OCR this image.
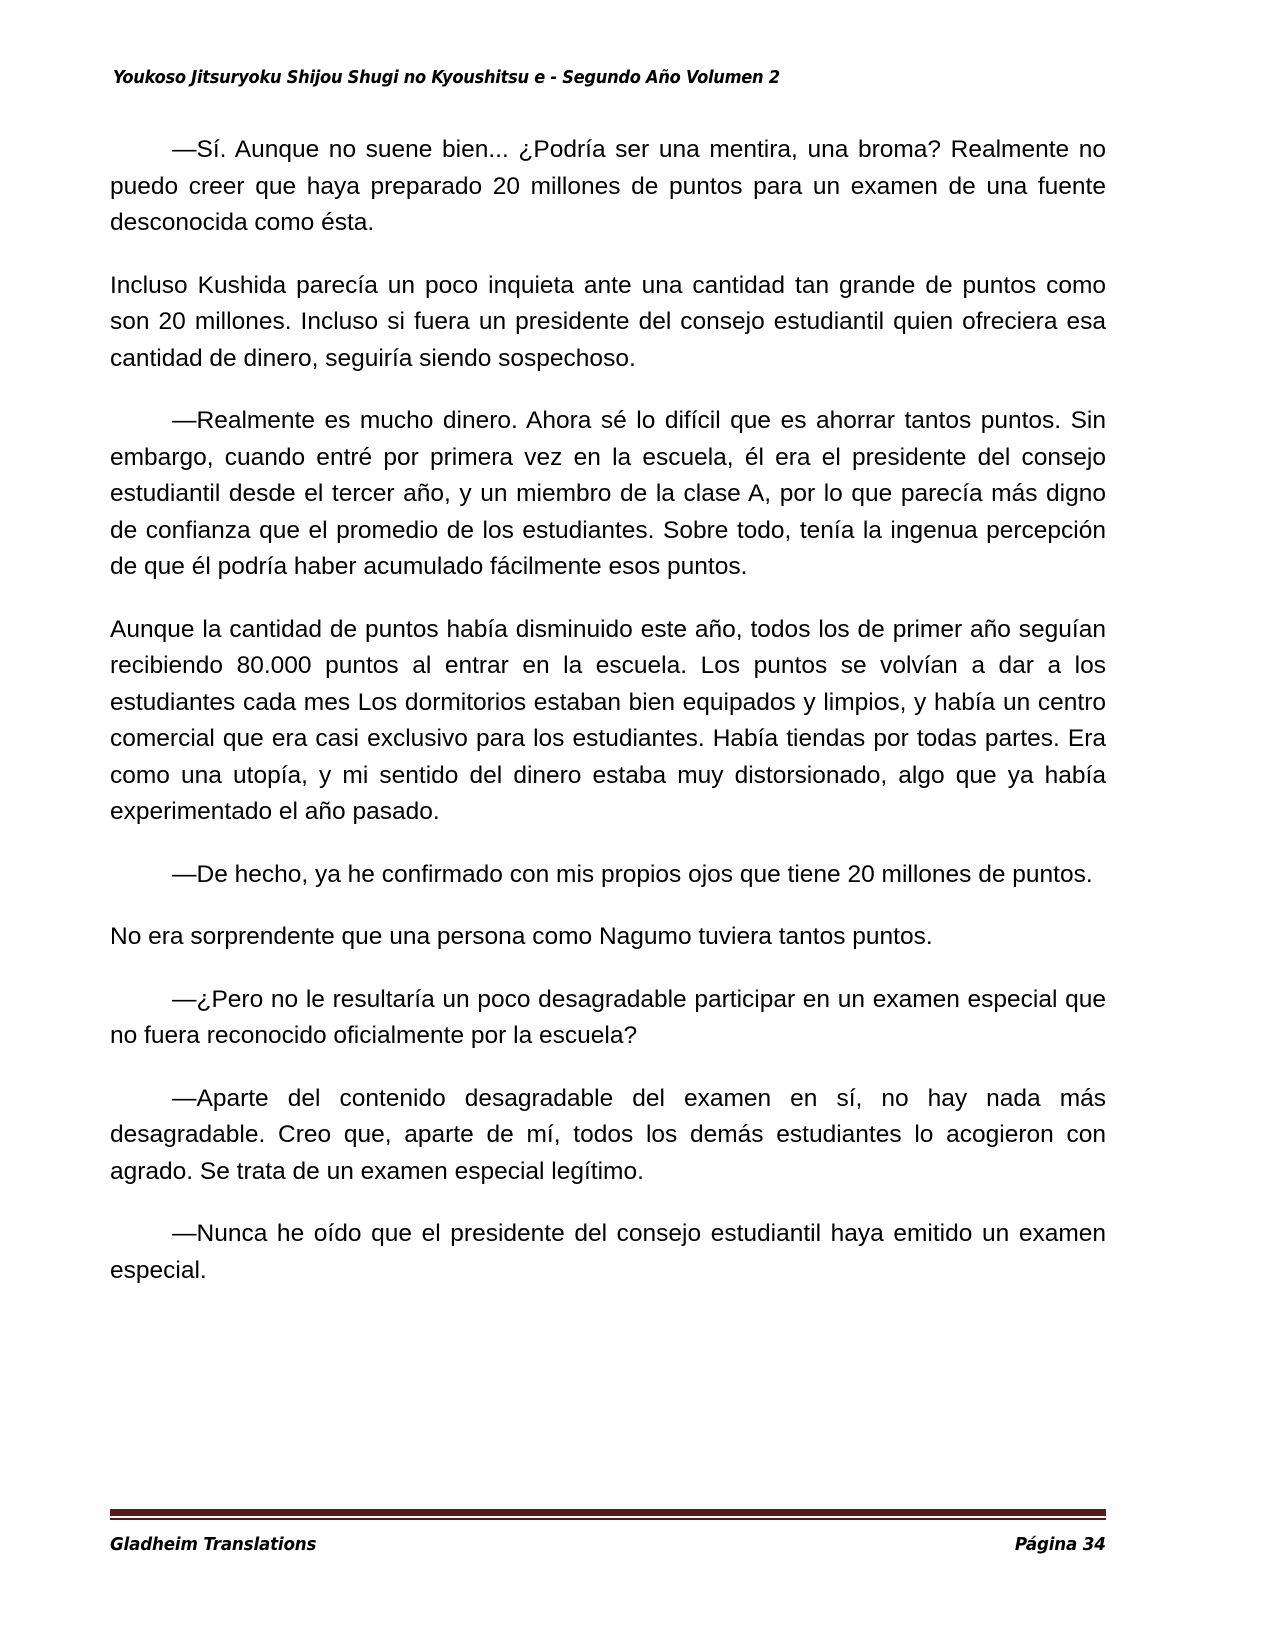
Youkoso Jitsuryoku Shijou Shugi no Kyoushitsu e - Segundo Año Volumen 2

—Sí. Aunque no suene bien... ¿Podría ser una mentira, una broma? Realmente no puedo creer que haya preparado 20 millones de puntos para un examen de una fuente desconocida como ésta.

Incluso Kushida parecía un poco inquieta ante una cantidad tan grande de puntos como son 20 millones. Incluso si fuera un presidente del consejo estudiantil quien ofreciera esa cantidad de dinero, seguiría siendo sospechoso.

—Realmente es mucho dinero. Ahora sé lo difícil que es ahorrar tantos puntos. Sin embargo, cuando entré por primera vez en la escuela, él era el presidente del consejo estudiantil desde el tercer año, y un miembro de la clase A, por lo que parecía más digno de confianza que el promedio de los estudiantes. Sobre todo, tenía la ingenua percepción de que él podría haber acumulado fácilmente esos puntos.

Aunque la cantidad de puntos había disminuido este año, todos los de primer año seguían recibiendo 80.000 puntos al entrar en la escuela. Los puntos se volvían a dar a los estudiantes cada mes Los dormitorios estaban bien equipados y limpios, y había un centro comercial que era casi exclusivo para los estudiantes. Había tiendas por todas partes. Era como una utopía, y mi sentido del dinero estaba muy distorsionado, algo que ya había experimentado el año pasado.

—De hecho, ya he confirmado con mis propios ojos que tiene 20 millones de puntos.

No era sorprendente que una persona como Nagumo tuviera tantos puntos.

—¿Pero no le resultaría un poco desagradable participar en un examen especial que no fuera reconocido oficialmente por la escuela?

—Aparte del contenido desagradable del examen en sí, no hay nada más desagradable. Creo que, aparte de mí, todos los demás estudiantes lo acogieron con agrado. Se trata de un examen especial legítimo.

—Nunca he oído que el presidente del consejo estudiantil haya emitido un examen especial.

Gladheim Translations	Página 34
